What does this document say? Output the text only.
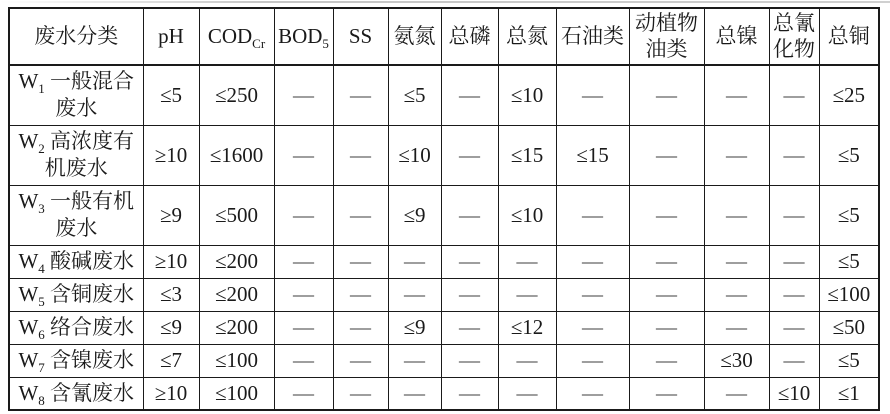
废水分类	pH	$COD_{Cr}$	$BOD_5$	SS	氨氮	总磷	总氮	石油类	动植物油类	总镍	总氰化物	总铜
$W_1$ 一般混合废水	≤5	≤250	—	—	≤5	—	≤10	—	—	—	—	≤25
$W_2$ 高浓度有机废水	≥10	≤1600	—	—	≤10	—	≤15	≤15	—	—	—	≤5
$W_3$ 一般有机废水	≥9	≤500	—	—	≤9	—	≤10	—	—	—	—	≤5
$W_4$ 酸碱废水	≥10	≤200	—	—	—	—	—	—	—	—	—	≤5
$W_5$ 含铜废水	≤3	≤200	—	—	—	—	—	—	—	—	—	≤100
$W_6$ 络合废水	≤9	≤200	—	—	≤9	—	≤12	—	—	—	—	≤50
$W_7$ 含镍废水	≤7	≤100	—	—	—	—	—	—	—	≤30	—	≤5
$W_8$ 含氰废水	≥10	≤100	—	—	—	—	—	—	—	—	≤10	≤1
